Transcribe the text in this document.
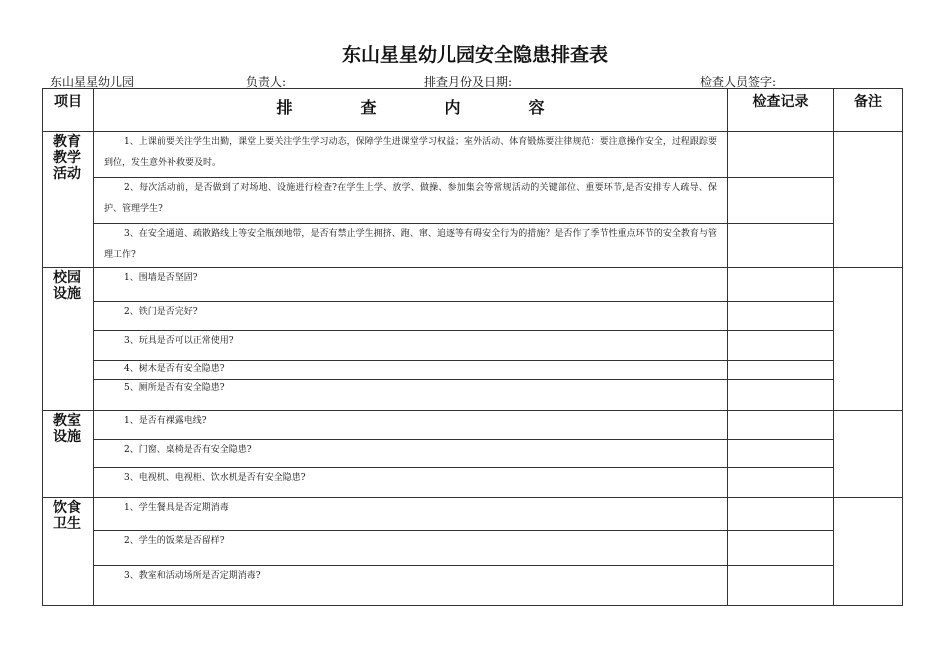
东山星星幼儿园安全隐患排查表
东山星星幼儿园	负责人:	排查月份及日期:	检查人员签字:
项目	排 查 内 容	检查记录	备注
教育教学活动	1、上课前要关注学生出勤，课堂上要关注学生学习动态，保障学生进课堂学习权益；室外活动、体育锻炼要注律规范：要注意操作安全，过程跟踪要到位，发生意外补救要及时。		
	2、每次活动前，是否做到了对场地、设施进行检查?在学生上学、放学、做操、参加集会等常规活动的关键部位、重要环节,是否安排专人疏导、保护、管理学生?		
	3、在安全通道、疏散路线上等安全瓶颈地带，是否有禁止学生拥挤、跑、窜、追逐等有碍安全行为的措施？是否作了季节性重点环节的安全教育与管理工作?		
校园设施	1、围墙是否坚固?		
	2、铁门是否完好?		
	3、玩具是否可以正常使用?		
	4、树木是否有安全隐患?		
	5、厕所是否有安全隐患?		
教室设施	1、是否有裸露电线?		
	2、门窗、桌椅是否有安全隐患?		
	3、电视机、电视柜、饮水机是否有安全隐患?		
饮食卫生	1、学生餐具是否定期消毒		
	2、学生的饭菜是否留样?		
	3、教室和活动场所是否定期消毒?		
